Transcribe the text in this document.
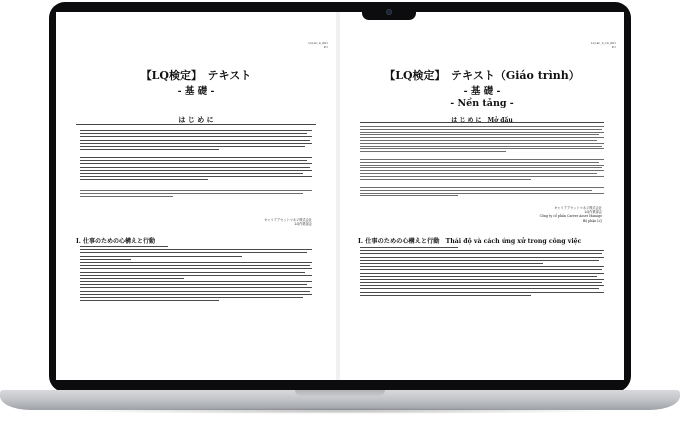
LQ-kc_k_001
P.1
【LQ検定】　テキスト
- 基 礎 -
は じ め に
キャリアアセットマネジ株式会社
LQ作業部会
I. 仕事のための心構えと行動
LQ-kc_b_vn_001
P.1
【LQ検定】　テキスト（Giáo trình）
- 基 礎 -
- Nền tảng -
は じ め に　Mở đầu
キャリアアセットマネジ株式会社
LQ作業部会
Công ty cổ phần Career Asset Manage
Bộ phận LQ
I. 仕事のための心構えと行動　Thái độ và cách ứng xử trong công việc
